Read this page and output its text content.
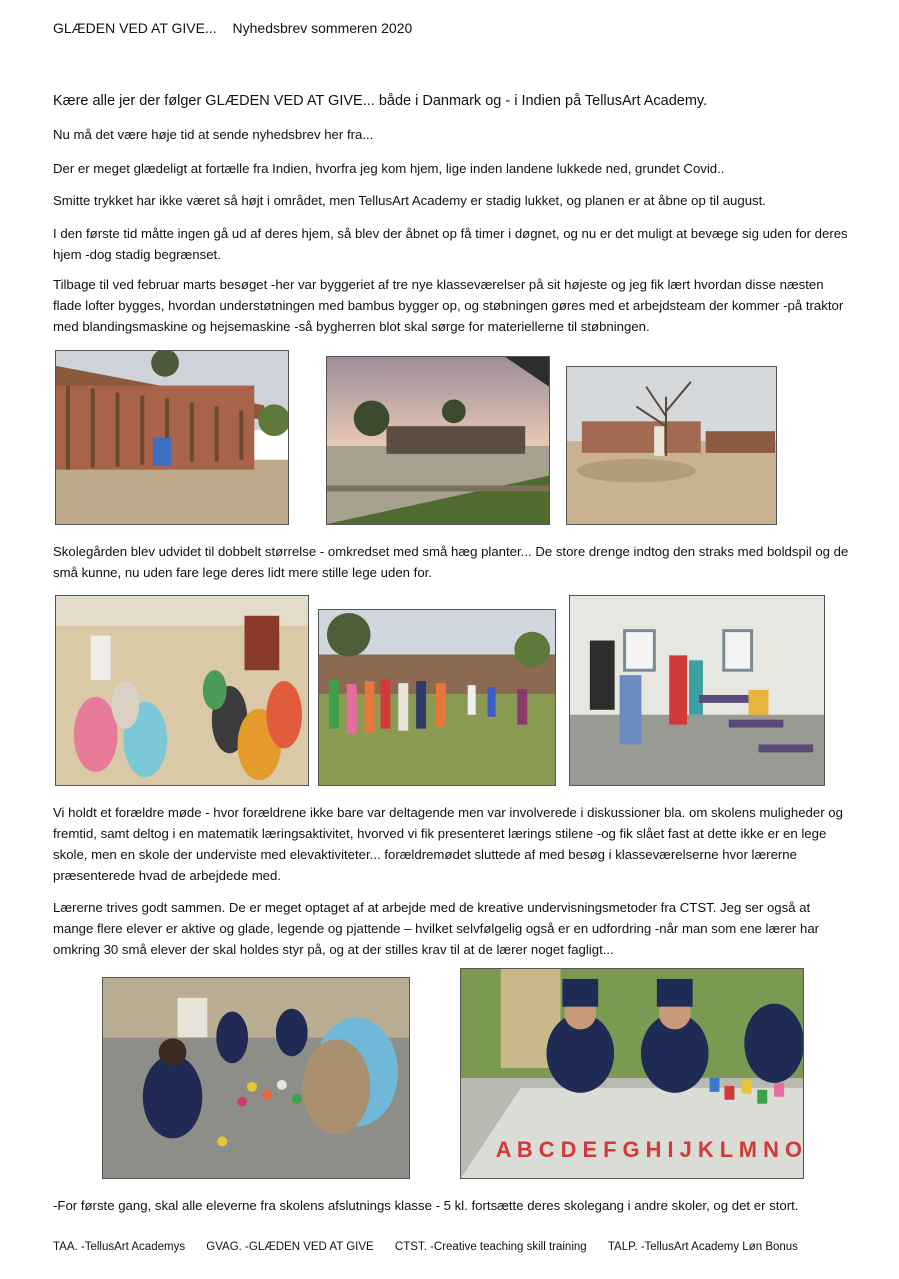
GLÆDEN VED AT GIVE... Nyhedsbrev sommeren 2020
Kære alle jer der følger GLÆDEN VED AT GIVE... både i Danmark og - i Indien på TellusArt Academy.
Nu må det være høje tid at sende nyhedsbrev her fra...
Der er meget glædeligt at fortælle fra Indien, hvorfra jeg kom hjem, lige inden landene lukkede ned, grundet Covid..
Smitte trykket har ikke været så højt i området, men TellusArt Academy er stadig lukket, og planen er at åbne op til august.
I den første tid måtte ingen gå ud af deres hjem, så blev der åbnet op få timer i døgnet, og nu er det muligt at bevæge sig uden for deres hjem -dog stadig begrænset.
Tilbage til ved februar marts besøget -her var byggeriet af tre nye klasseværelser på sit højeste og jeg fik lært hvordan disse næsten flade lofter bygges, hvordan understøtningen med bambus bygger op, og støbningen gøres med et arbejdsteam der kommer -på traktor med blandingsmaskine og hejsemaskine -så bygherren blot skal sørge for materiellerne til støbningen.
Skolegården blev udvidet til dobbelt størrelse - omkredset med små hæg planter... De store drenge indtog den straks med boldspil og de små kunne, nu uden fare lege deres lidt mere stille lege uden for.
Vi holdt et forældre møde - hvor forældrene ikke bare var deltagende men var involverede i diskussioner bla. om skolens muligheder og fremtid, samt deltog i en matematik læringsaktivitet, hvorved vi fik presenteret lærings stilene -og fik slået fast at dette ikke er en lege skole, men en skole der underviste med elevaktiviteter... forældremødet sluttede af med besøg i klasseværelserne hvor lærerne præsenterede hvad de arbejdede med.
Lærerne trives godt sammen. De er meget optaget af at arbejde med de kreative undervisningsmetoder fra CTST. Jeg ser også at mange flere elever er aktive og glade, legende og pjattende – hvilket selvfølgelig også er en udfordring -når man som ene lærer har omkring 30 små elever der skal holdes styr på, og at der stilles krav til at de lærer noget fagligt...
A B C D E F G H I J K L M N O
-For første gang, skal alle eleverne fra skolens afslutnings klasse - 5 kl. fortsætte deres skolegang i andre skoler, og det er stort.
TAA. -TellusArt Academys GVAG. -GLÆDEN VED AT GIVE CTST. -Creative teaching skill training TALP. -TellusArt Academy Løn Bonus
